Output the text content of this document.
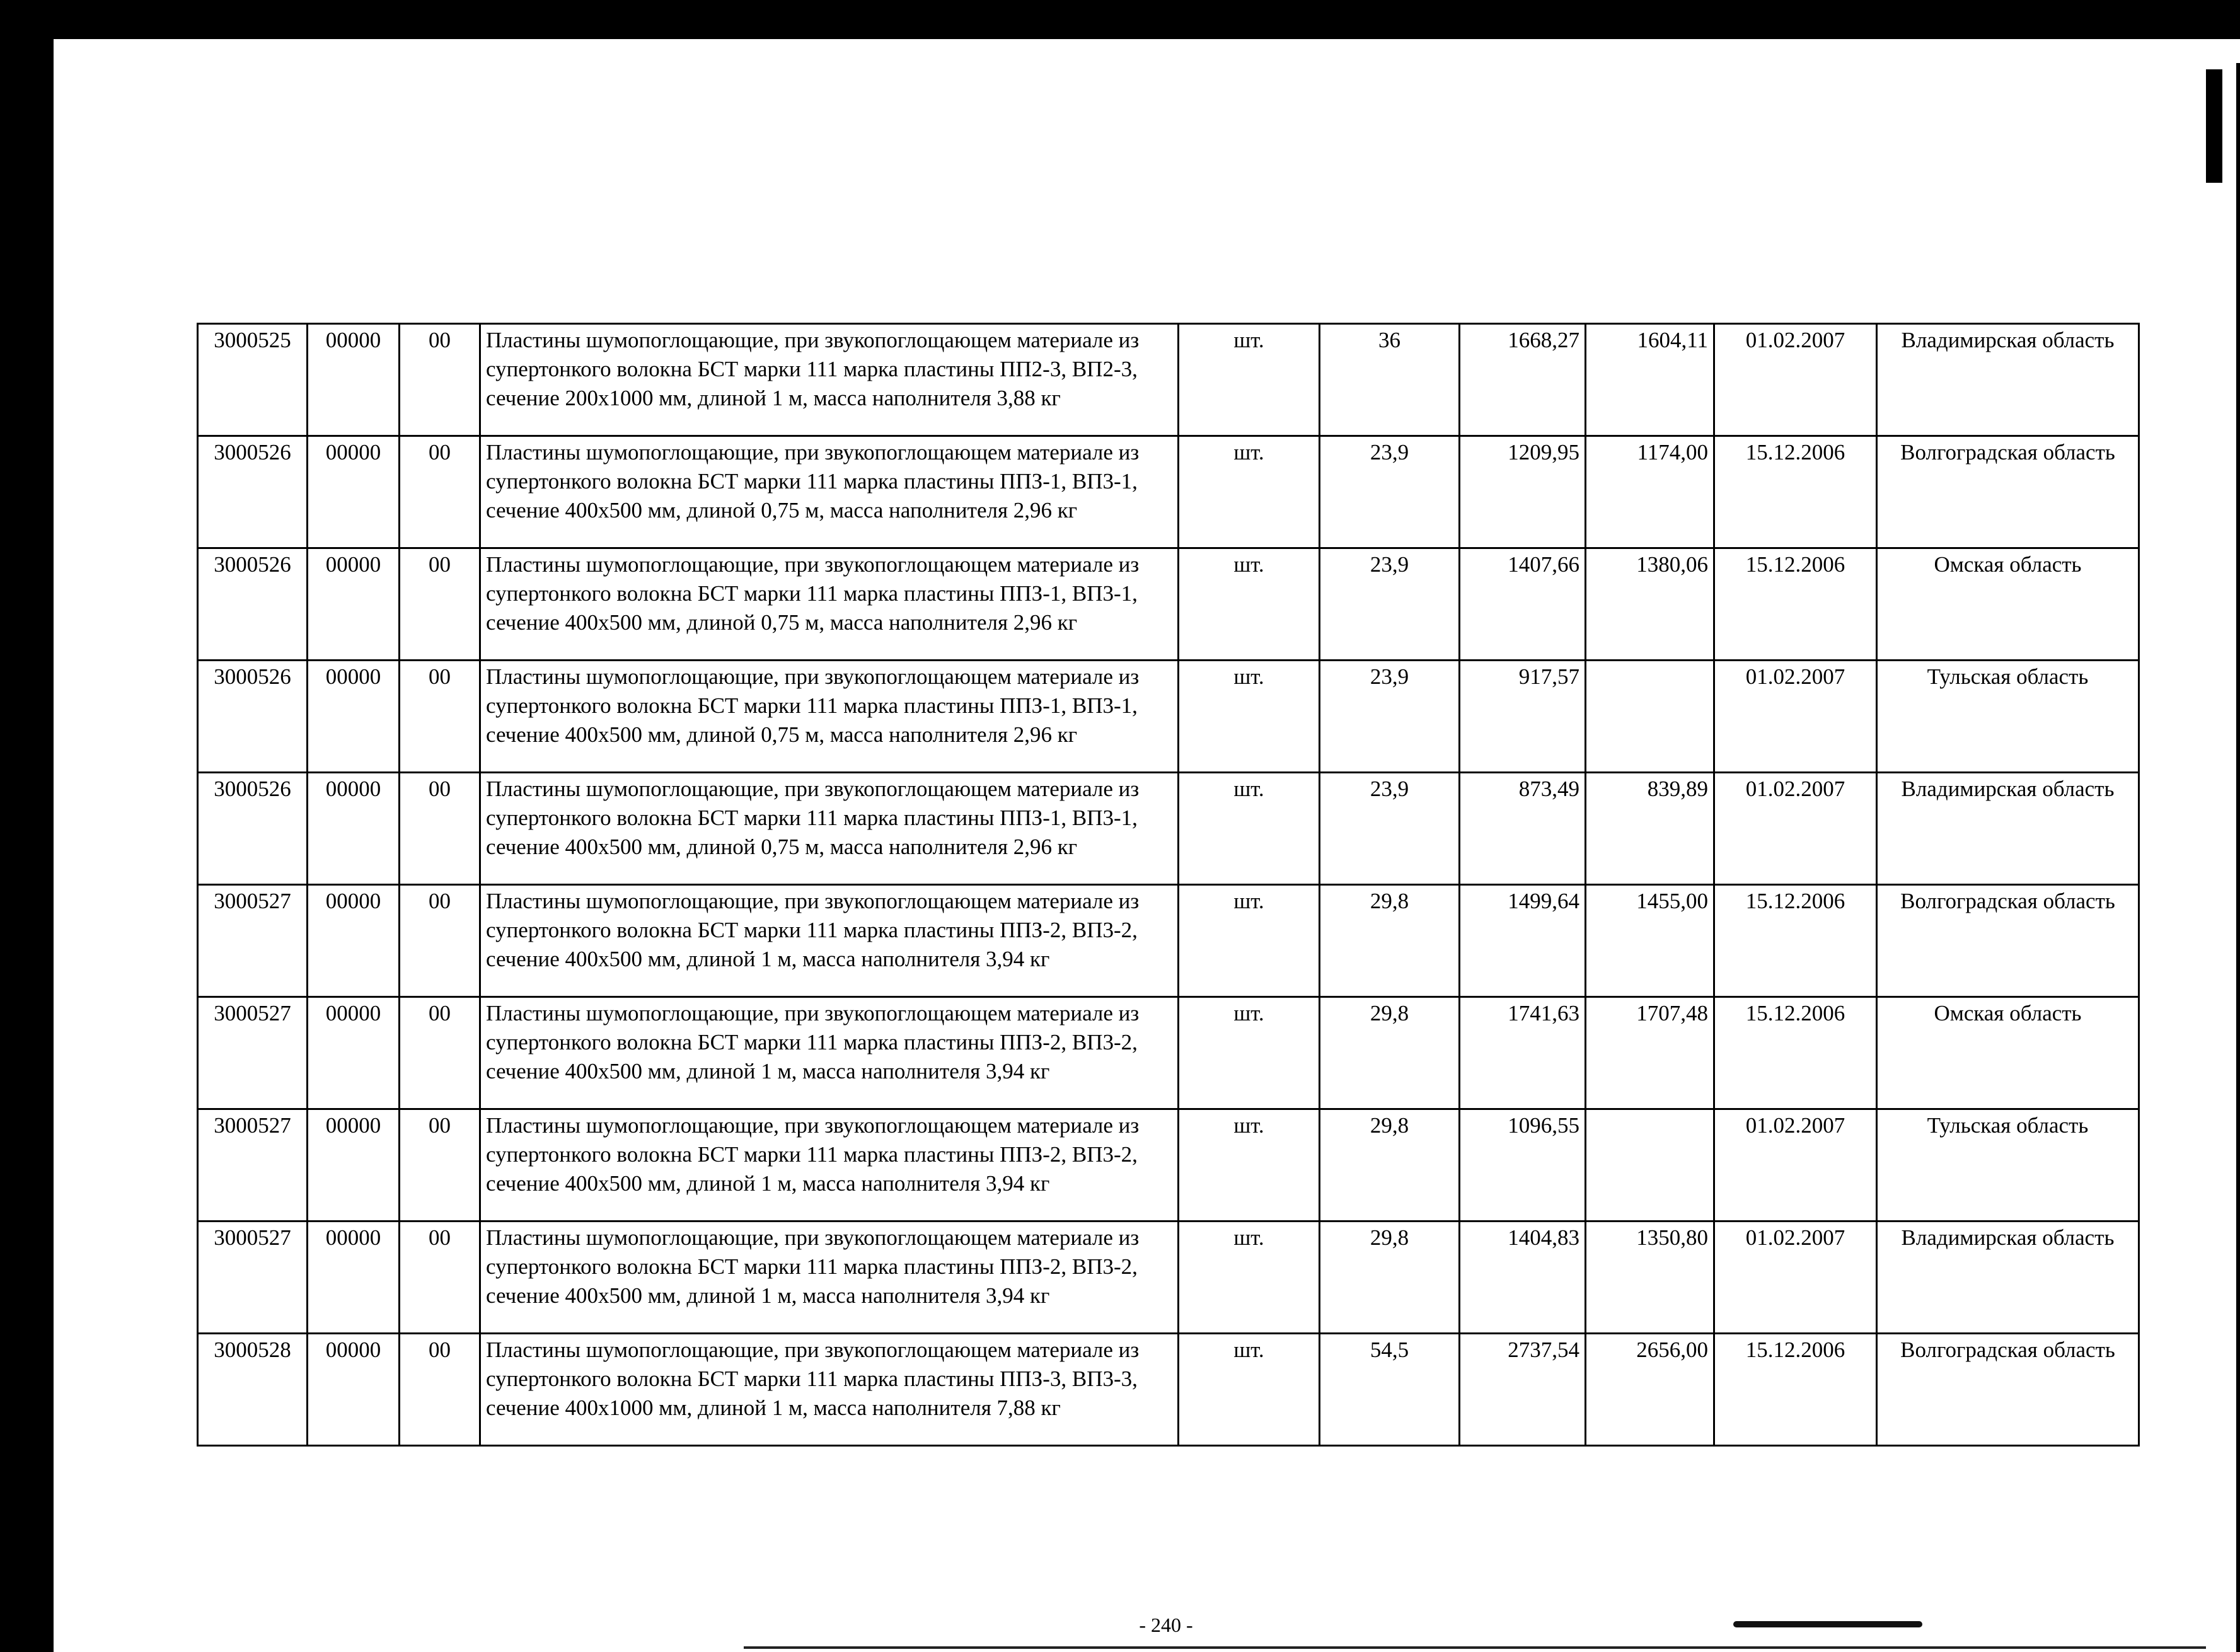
3000525	00000	00	Пластины шумопоглощающие, при звукопоглощающем материале из супертонкого волокна БСТ марки 111 марка пластины ПП2-3, ВП2-3, сечение 200х1000 мм, длиной 1 м, масса наполнителя 3,88 кг	шт.	36	1668,27	1604,11	01.02.2007	Владимирская область
3000526	00000	00	Пластины шумопоглощающие, при звукопоглощающем материале из супертонкого волокна БСТ марки 111 марка пластины ППЗ-1, ВП3-1, сечение 400х500 мм, длиной 0,75 м, масса наполнителя 2,96 кг	шт.	23,9	1209,95	1174,00	15.12.2006	Волгоградская область
3000526	00000	00	Пластины шумопоглощающие, при звукопоглощающем материале из супертонкого волокна БСТ марки 111 марка пластины ППЗ-1, ВП3-1, сечение 400х500 мм, длиной 0,75 м, масса наполнителя 2,96 кг	шт.	23,9	1407,66	1380,06	15.12.2006	Омская область
3000526	00000	00	Пластины шумопоглощающие, при звукопоглощающем материале из супертонкого волокна БСТ марки 111 марка пластины ППЗ-1, ВП3-1, сечение 400х500 мм, длиной 0,75 м, масса наполнителя 2,96 кг	шт.	23,9	917,57		01.02.2007	Тульская область
3000526	00000	00	Пластины шумопоглощающие, при звукопоглощающем материале из супертонкого волокна БСТ марки 111 марка пластины ППЗ-1, ВП3-1, сечение 400х500 мм, длиной 0,75 м, масса наполнителя 2,96 кг	шт.	23,9	873,49	839,89	01.02.2007	Владимирская область
3000527	00000	00	Пластины шумопоглощающие, при звукопоглощающем материале из супертонкого волокна БСТ марки 111 марка пластины ППЗ-2, ВП3-2, сечение 400х500 мм, длиной 1 м, масса наполнителя 3,94 кг	шт.	29,8	1499,64	1455,00	15.12.2006	Волгоградская область
3000527	00000	00	Пластины шумопоглощающие, при звукопоглощающем материале из супертонкого волокна БСТ марки 111 марка пластины ППЗ-2, ВП3-2, сечение 400х500 мм, длиной 1 м, масса наполнителя 3,94 кг	шт.	29,8	1741,63	1707,48	15.12.2006	Омская область
3000527	00000	00	Пластины шумопоглощающие, при звукопоглощающем материале из супертонкого волокна БСТ марки 111 марка пластины ППЗ-2, ВП3-2, сечение 400х500 мм, длиной 1 м, масса наполнителя 3,94 кг	шт.	29,8	1096,55		01.02.2007	Тульская область
3000527	00000	00	Пластины шумопоглощающие, при звукопоглощающем материале из супертонкого волокна БСТ марки 111 марка пластины ППЗ-2, ВП3-2, сечение 400х500 мм, длиной 1 м, масса наполнителя 3,94 кг	шт.	29,8	1404,83	1350,80	01.02.2007	Владимирская область
3000528	00000	00	Пластины шумопоглощающие, при звукопоглощающем материале из супертонкого волокна БСТ марки 111 марка пластины ППЗ-3, ВП3-3, сечение 400х1000 мм, длиной 1 м, масса наполнителя 7,88 кг	шт.	54,5	2737,54	2656,00	15.12.2006	Волгоградская область
- 240 -
